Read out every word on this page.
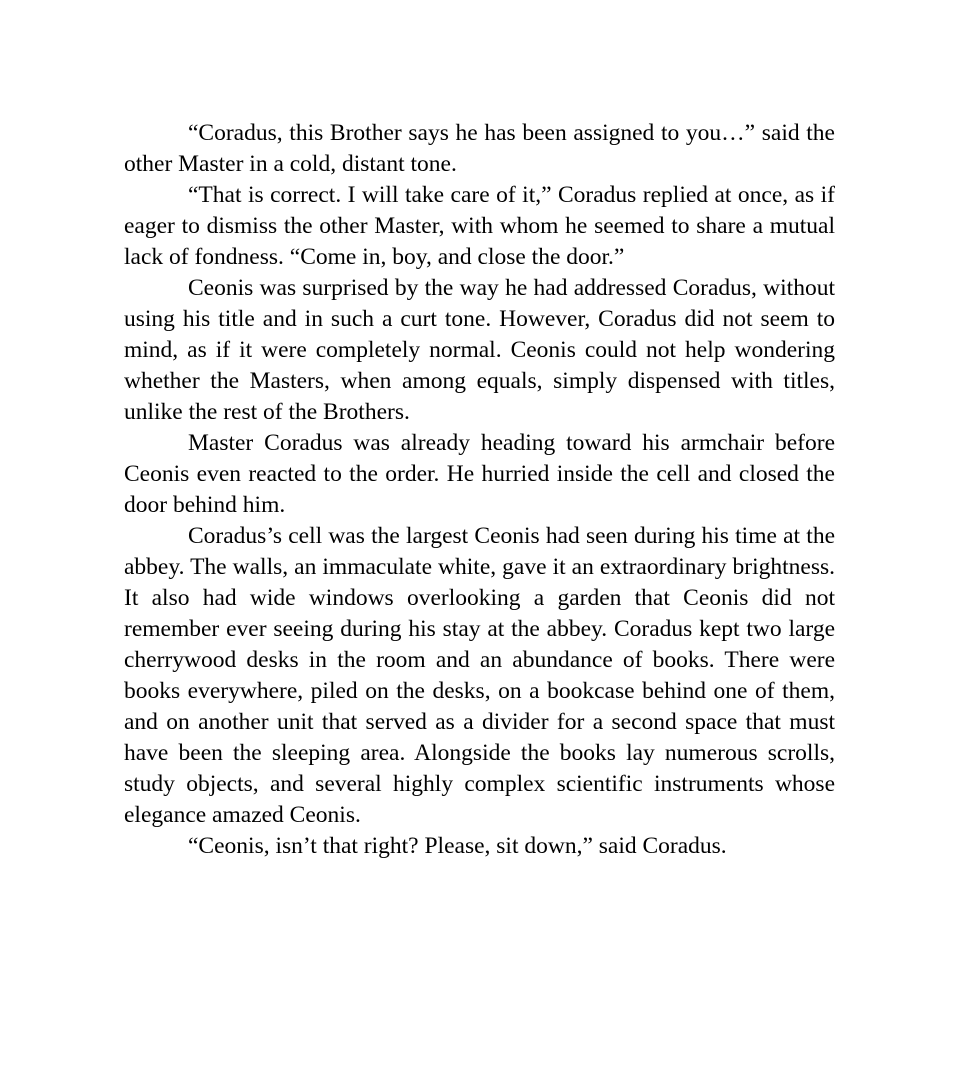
“Coradus, this Brother says he has been assigned to you…” said the other Master in a cold, distant tone.

“That is correct. I will take care of it,” Coradus replied at once, as if eager to dismiss the other Master, with whom he seemed to share a mutual lack of fondness. “Come in, boy, and close the door.”

Ceonis was surprised by the way he had addressed Coradus, without using his title and in such a curt tone. However, Coradus did not seem to mind, as if it were completely normal. Ceonis could not help wondering whether the Masters, when among equals, simply dispensed with titles, unlike the rest of the Brothers.

Master Coradus was already heading toward his armchair before Ceonis even reacted to the order. He hurried inside the cell and closed the door behind him.

Coradus’s cell was the largest Ceonis had seen during his time at the abbey. The walls, an immaculate white, gave it an extraordinary brightness. It also had wide windows overlooking a garden that Ceonis did not remember ever seeing during his stay at the abbey. Coradus kept two large cherrywood desks in the room and an abundance of books. There were books everywhere, piled on the desks, on a bookcase behind one of them, and on another unit that served as a divider for a second space that must have been the sleeping area. Alongside the books lay numerous scrolls, study objects, and several highly complex scientific instruments whose elegance amazed Ceonis.

“Ceonis, isn’t that right? Please, sit down,” said Coradus.
